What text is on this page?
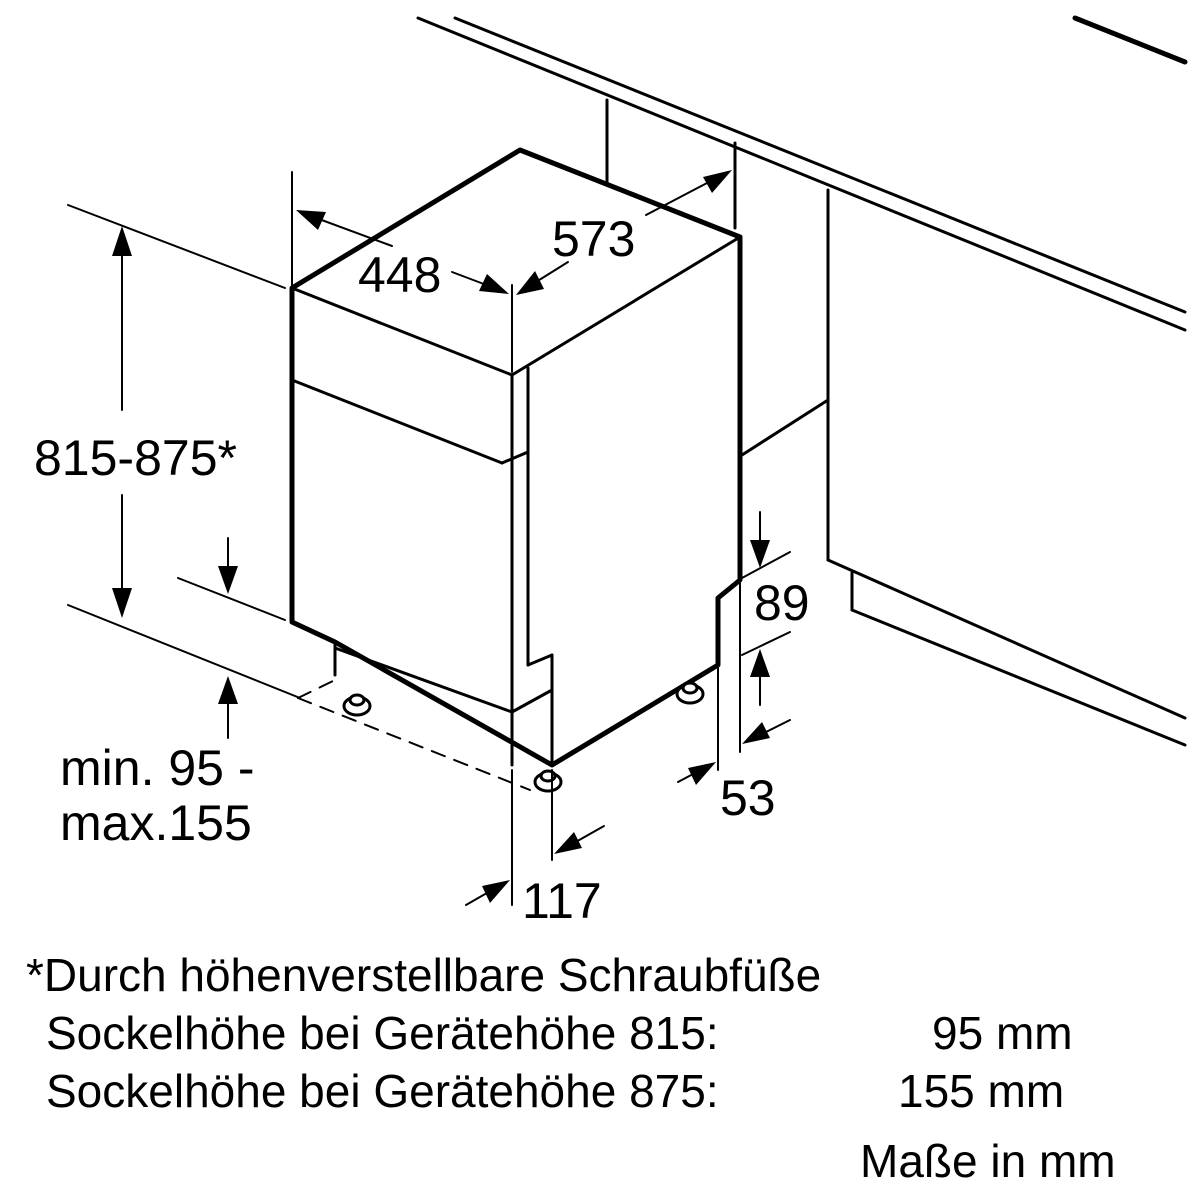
448
573
815-875*
min. 95 -
max.155
89
53
117
*Durch höhenverstellbare Schraubfüße
Sockelhöhe bei Gerätehöhe 815:	95 mm
Sockelhöhe bei Gerätehöhe 875:	155 mm
Maße in mm
